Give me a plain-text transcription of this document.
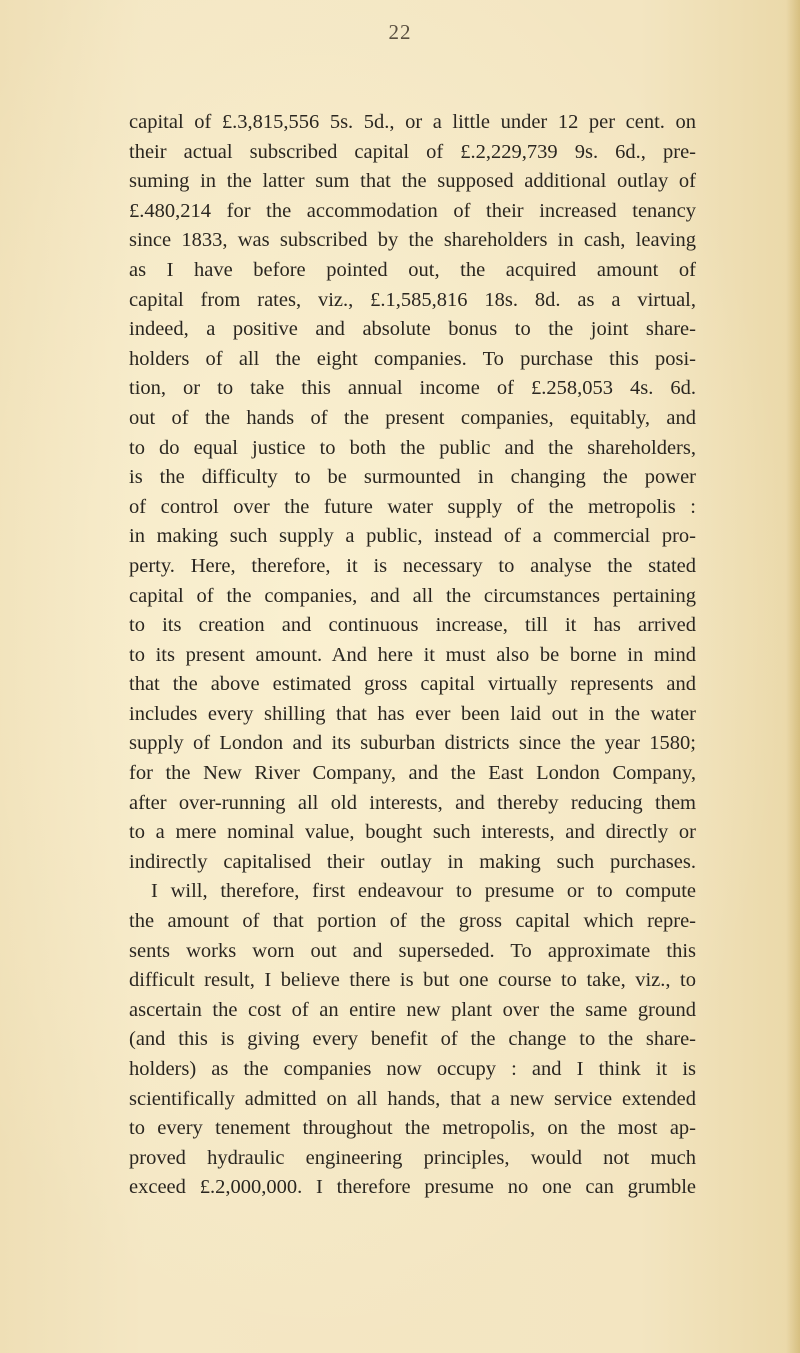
22
capital of £.3,815,556 5s. 5d., or a little under 12 per cent. on
their actual subscribed capital of £.2,229,739 9s. 6d., pre-
suming in the latter sum that the supposed additional outlay of
£.480,214 for the accommodation of their increased tenancy
since 1833, was subscribed by the shareholders in cash, leaving
as I have before pointed out, the acquired amount of
capital from rates, viz., £.1,585,816 18s. 8d. as a virtual,
indeed, a positive and absolute bonus to the joint share-
holders of all the eight companies. To purchase this posi-
tion, or to take this annual income of £.258,053 4s. 6d.
out of the hands of the present companies, equitably, and
to do equal justice to both the public and the shareholders,
is the difficulty to be surmounted in changing the power
of control over the future water supply of the metropolis :
in making such supply a public, instead of a commercial pro-
perty. Here, therefore, it is necessary to analyse the stated
capital of the companies, and all the circumstances pertaining
to its creation and continuous increase, till it has arrived
to its present amount. And here it must also be borne in mind
that the above estimated gross capital virtually represents and
includes every shilling that has ever been laid out in the water
supply of London and its suburban districts since the year 1580;
for the New River Company, and the East London Company,
after over-running all old interests, and thereby reducing them
to a mere nominal value, bought such interests, and directly or
indirectly capitalised their outlay in making such purchases.
I will, therefore, first endeavour to presume or to compute
the amount of that portion of the gross capital which repre-
sents works worn out and superseded. To approximate this
difficult result, I believe there is but one course to take, viz., to
ascertain the cost of an entire new plant over the same ground
(and this is giving every benefit of the change to the share-
holders) as the companies now occupy : and I think it is
scientifically admitted on all hands, that a new service extended
to every tenement throughout the metropolis, on the most ap-
proved hydraulic engineering principles, would not much
exceed £.2,000,000. I therefore presume no one can grumble
